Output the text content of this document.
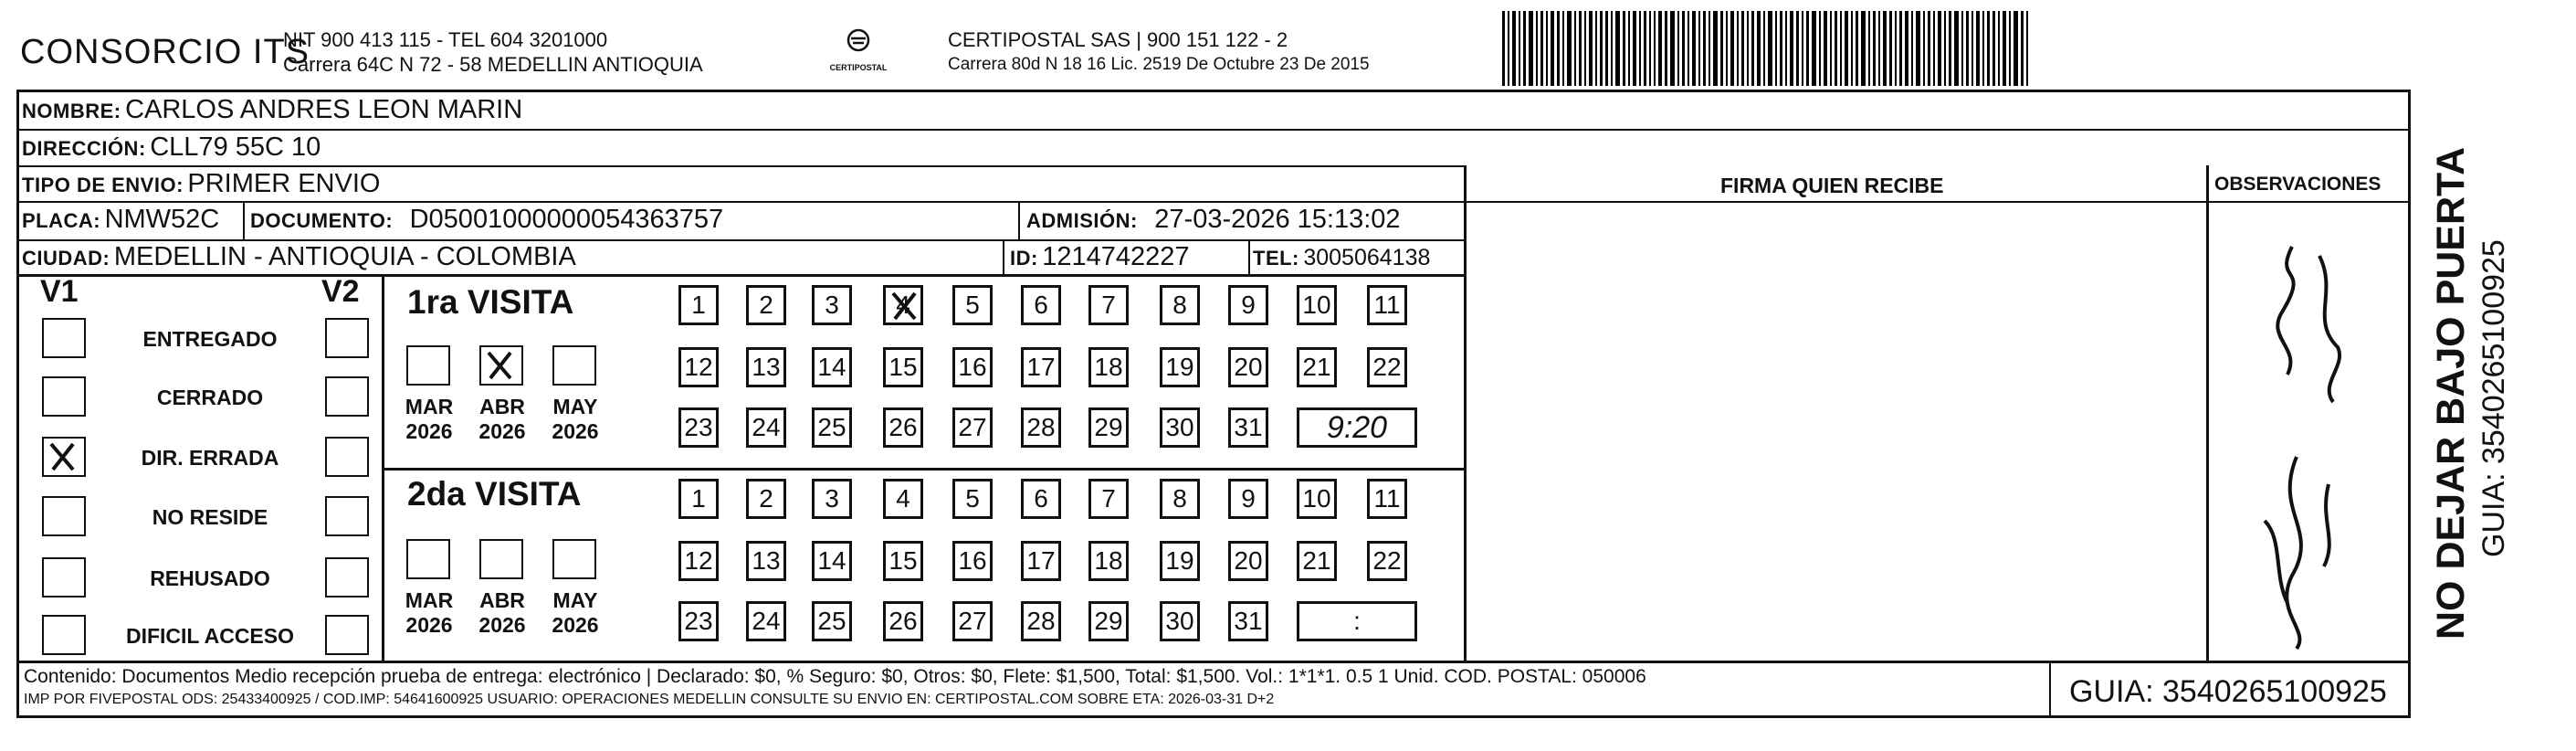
CONSORCIO ITS
NIT 900 413 115 - TEL 604 3201000
Carrera 64C N 72 - 58 MEDELLIN ANTIOQUIA	CERTIPOSTAL
CERTIPOSTAL SAS | 900 151 122 - 2
Carrera 80d N 18 16 Lic. 2519 De Octubre 23 De 2015
NOMBRE: CARLOS ANDRES LEON MARIN
DIRECCIÓN: CLL79 55C 10
TIPO DE ENVIO: PRIMER ENVIO	FIRMA QUIEN RECIBE	OBSERVACIONES
PLACA: NMW52C DOCUMENTO: D05001000000054363757	ADMISIÓN: 27-03-2026 15:13:02
CIUDAD: MEDELLIN - ANTIOQUIA - COLOMBIA	ID: 1214742227	TEL: 3005064138
V1	V2
ENTREGADO
CERRADO
DIR. ERRADA
NO RESIDE
REHUSADO
DIFICIL ACCESO
1ra VISITA
2da VISITA
MAR
2026
ABR
2026
MAY
2026
1	2	3	4	5	6	7	8	9	10 11
12 13 14 15 16 17 18 19 20 21 22
23 24 25 26 27 28 29 30 31	9:20
MAR
2026
ABR
2026
MAY
2026
1	2	3	4	5	6	7	8	9	10 11
12 13 14 15 16 17 18 19 20 21 22
23 24 25 26 27 28 29 30 31	:
Contenido: Documentos Medio recepción prueba de entrega: electrónico | Declarado: $0, % Seguro: $0, Otros: $0, Flete: $1,500, Total: $1,500. Vol.: 1*1*1. 0.5 1 Unid. COD. POSTAL: 050006
IMP POR FIVEPOSTAL ODS: 25433400925 / COD.IMP: 54641600925 USUARIO: OPERACIONES MEDELLIN CONSULTE SU ENVIO EN: CERTIPOSTAL.COM SOBRE ETA: 2026-03-31 D+2	GUIA: 3540265100925
NO DEJAR BAJO PUERTA GUIA: 3540265100925
